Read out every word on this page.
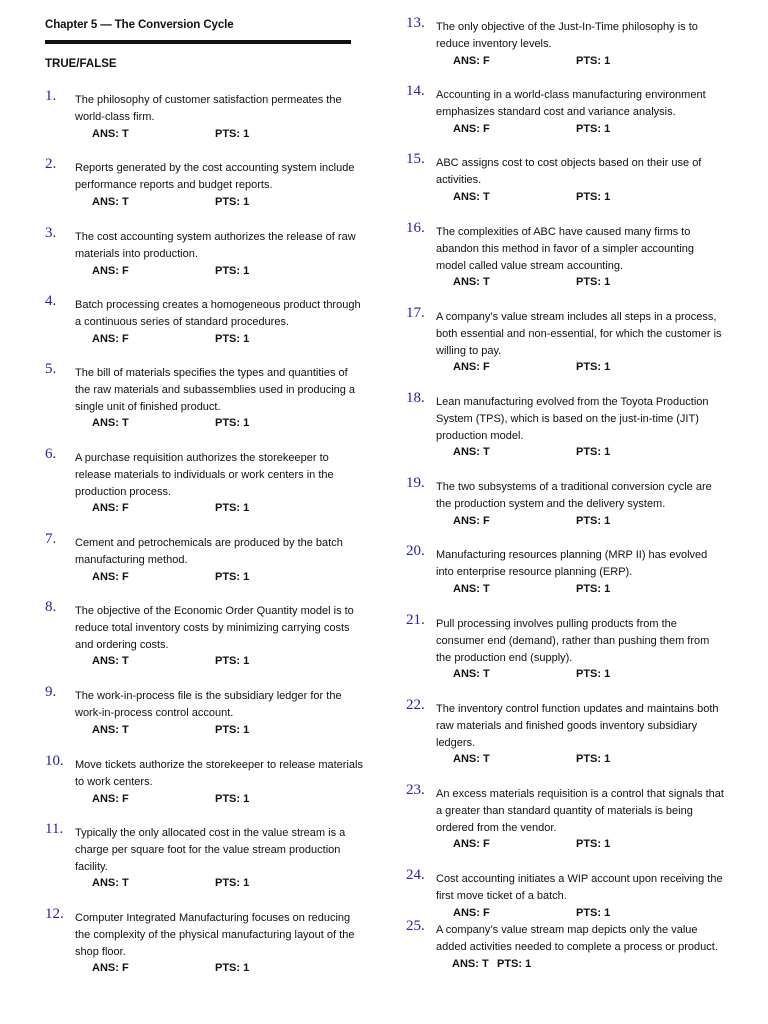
Chapter 5 — The Conversion Cycle
TRUE/FALSE
1. The philosophy of customer satisfaction permeates the world-class firm.
ANS: T	PTS: 1
2. Reports generated by the cost accounting system include performance reports and budget reports.
ANS: T	PTS: 1
3. The cost accounting system authorizes the release of raw materials into production.
ANS: F	PTS: 1
4. Batch processing creates a homogeneous product through a continuous series of standard procedures.
ANS: F	PTS: 1
5. The bill of materials specifies the types and quantities of the raw materials and subassemblies used in producing a single unit of finished product.
ANS: T	PTS: 1
6. A purchase requisition authorizes the storekeeper to release materials to individuals or work centers in the production process.
ANS: F	PTS: 1
7. Cement and petrochemicals are produced by the batch manufacturing method.
ANS: F	PTS: 1
8. The objective of the Economic Order Quantity model is to reduce total inventory costs by minimizing carrying costs and ordering costs.
ANS: T	PTS: 1
9. The work-in-process file is the subsidiary ledger for the work-in-process control account.
ANS: T	PTS: 1
10. Move tickets authorize the storekeeper to release materials to work centers.
ANS: F	PTS: 1
11. Typically the only allocated cost in the value stream is a charge per square foot for the value stream production facility.
ANS: T	PTS: 1
12. Computer Integrated Manufacturing focuses on reducing the complexity of the physical manufacturing layout of the shop floor.
ANS: F	PTS: 1
13. The only objective of the Just-In-Time philosophy is to reduce inventory levels.
ANS: F	PTS: 1
14. Accounting in a world-class manufacturing environment emphasizes standard cost and variance analysis.
ANS: F	PTS: 1
15. ABC assigns cost to cost objects based on their use of activities.
ANS: T	PTS: 1
16. The complexities of ABC have caused many firms to abandon this method in favor of a simpler accounting model called value stream accounting.
ANS: T	PTS: 1
17. A company’s value stream includes all steps in a process, both essential and non-essential, for which the customer is willing to pay.
ANS: F	PTS: 1
18. Lean manufacturing evolved from the Toyota Production System (TPS), which is based on the just-in-time (JIT) production model.
ANS: T	PTS: 1
19. The two subsystems of a traditional conversion cycle are the production system and the delivery system.
ANS: F	PTS: 1
20. Manufacturing resources planning (MRP II) has evolved into enterprise resource planning (ERP).
ANS: T	PTS: 1
21. Pull processing involves pulling products from the consumer end (demand), rather than pushing them from the production end (supply).
ANS: T	PTS: 1
22. The inventory control function updates and maintains both raw materials and finished goods inventory subsidiary ledgers.
ANS: T	PTS: 1
23. An excess materials requisition is a control that signals that a greater than standard quantity of materials is being ordered from the vendor.
ANS: F	PTS: 1
24. Cost accounting initiates a WIP account upon receiving the first move ticket of a batch.
ANS: F	PTS: 1
25. A company’s value stream map depicts only the value added activities needed to complete a process or product.
ANS: T PTS: 1
